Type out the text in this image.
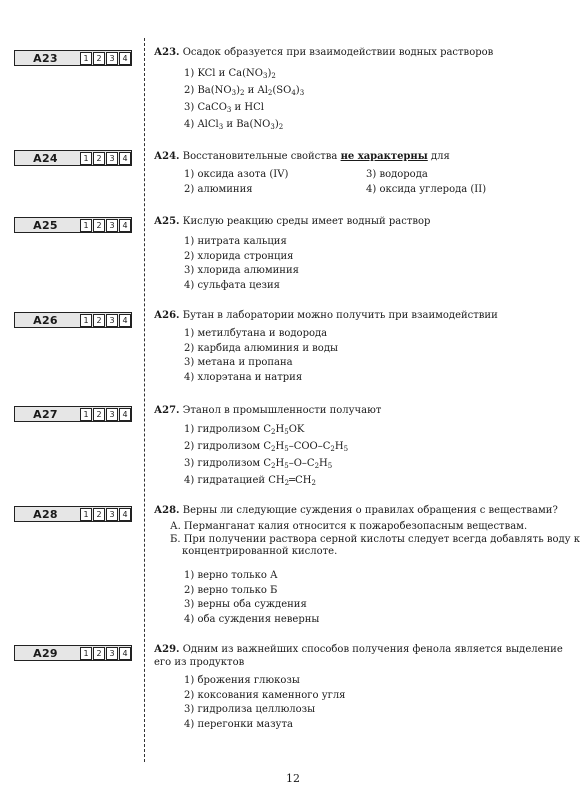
A23	1 2 3 4	А23. Осадок образуется при взаимодействии водных растворов
1) KCl и $Ca(NO_3)_2$
2) $Ba(NO_3)_2$ и $Al_2(SO_4)_3$
3) CaCO$_3$ и HCl
4) AlCl$_3$ и $Ba(NO_3)_2$
A24	1 2 3 4	А24. Восстановительные свойства не характерны для
1) оксида азота (IV)
2) алюминия
3) водорода
4) оксида углерода (II)
A25	1 2 3 4	А25. Кислую реакцию среды имеет водный раствор
1) нитрата кальция
2) хлорида стронция
3) хлорида алюминия
4) сульфата цезия
A26	1 2 3 4	А26. Бутан в лаборатории можно получить при взаимодействии
1) метилбутана и водорода
2) карбида алюминия и воды
3) метана и пропана
4) хлорэтана и натрия
A27	1 2 3 4	А27. Этанол в промышленности получают
1) гидролизом $C_2H_5OK$
2) гидролизом $C_2H_5-COO-C_2H_5$
3) гидролизом $C_2H_5-O-C_2H_5$
4) гидратацией $CH_2═CH_2$
A28	1 2 3 4	А28. Верны ли следующие суждения о правилах обращения с веществами?
А. Перманганат калия относится к пожаробезопасным веществам.
Б. При получении раствора серной кислоты следует всегда добавлять воду к концентрированной кислоте.
1) верно только А
2) верно только Б
3) верны оба суждения
4) оба суждения неверны
A29	1 2 3 4	А29. Одним из важнейших способов получения фенола является выделение его из продуктов
1) брожения глюкозы
2) коксования каменного угля
3) гидролиза целлюлозы
4) перегонки мазута
12
